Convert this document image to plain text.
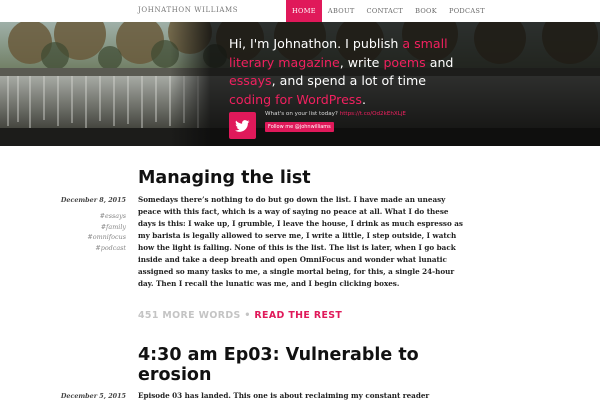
JOHNATHON WILLIAMS	HOME	ABOUT	CONTACT	BOOK	PODCAST

Hi, I'm Johnathon. I publish a small literary magazine, write poems and essays, and spend a lot of time coding for WordPress.

What's on your list today? https://t.co/Od2kEhXLjE
Follow me @johnwilliams
Managing the list
December 8, 2015
#essays
#family
#omnifocus
#podcast

Somedays there’s nothing to do but go down the list. I have made an uneasy peace with this fact, which is a way of saying no peace at all. What I do these days is this: I wake up, I grumble, I leave the house, I drink as much espresso as my barista is legally allowed to serve me, I write a little, I step outside, I watch how the light is falling. None of this is the list. The list is later, when I go back inside and take a deep breath and open OmniFocus and wonder what lunatic assigned so many tasks to me, a single mortal being, for this, a single 24-hour day. Then I recall the lunatic was me, and I begin clicking boxes.

451 MORE WORDS • READ THE REST
4:30 am Ep03: Vulnerable to erosion
December 5, 2015 Episode 03 has landed. This one is about reclaiming my constant reader
